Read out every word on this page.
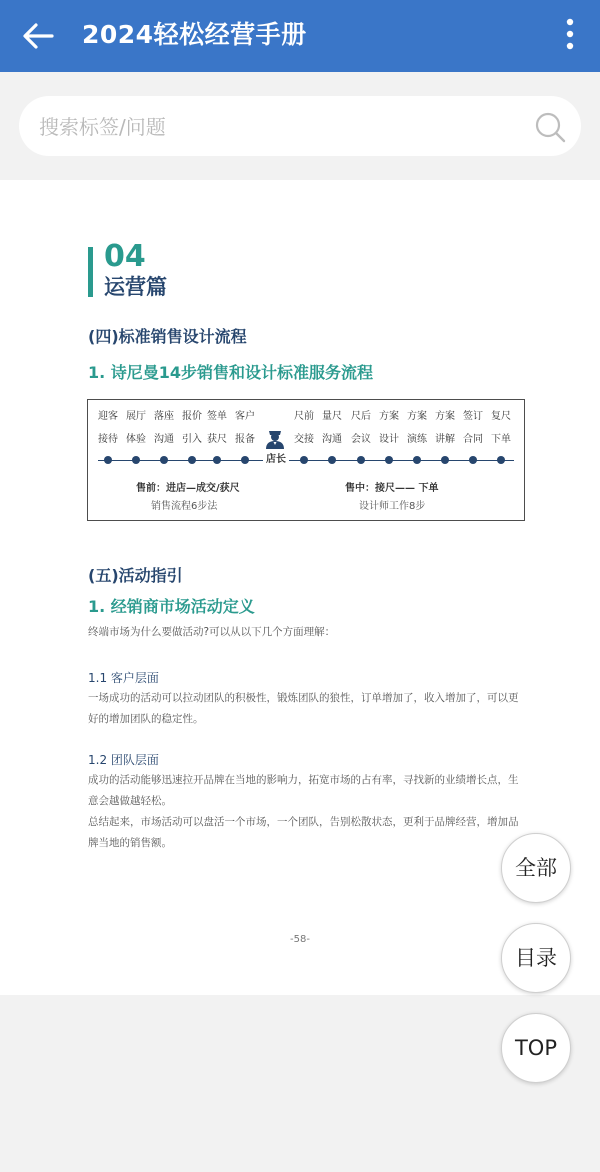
2024轻松经营手册
搜索标签/问题
04
运营篇
(四)标准销售设计流程
1. 诗尼曼14步销售和设计标准服务流程
迎客
接待
展厅
体验
落座
沟通
报价
引入
签单
获尺
客户
报备
店长
尺前
交接
量尺
沟通
尺后
会议
方案
设计
方案
演练
方案
讲解
签订
合同
复尺
下单
售前：进店—成交/获尺
销售流程6步法
售中：接尺—— 下单
设计师工作8步
(五)活动指引
1. 经销商市场活动定义
终端市场为什么要做活动?可以从以下几个方面理解：
1.1 客户层面
一场成功的活动可以拉动团队的积极性，锻炼团队的狼性，订单增加了，收入增加了，可以更好的增加团队的稳定性。
1.2 团队层面
成功的活动能够迅速拉开品牌在当地的影响力，拓宽市场的占有率，寻找新的业绩增长点，生意会越做越轻松。
总结起来，市场活动可以盘活一个市场，一个团队，告别松散状态，更利于品牌经营，增加品牌当地的销售额。
-58-
全部
目录
TOP
